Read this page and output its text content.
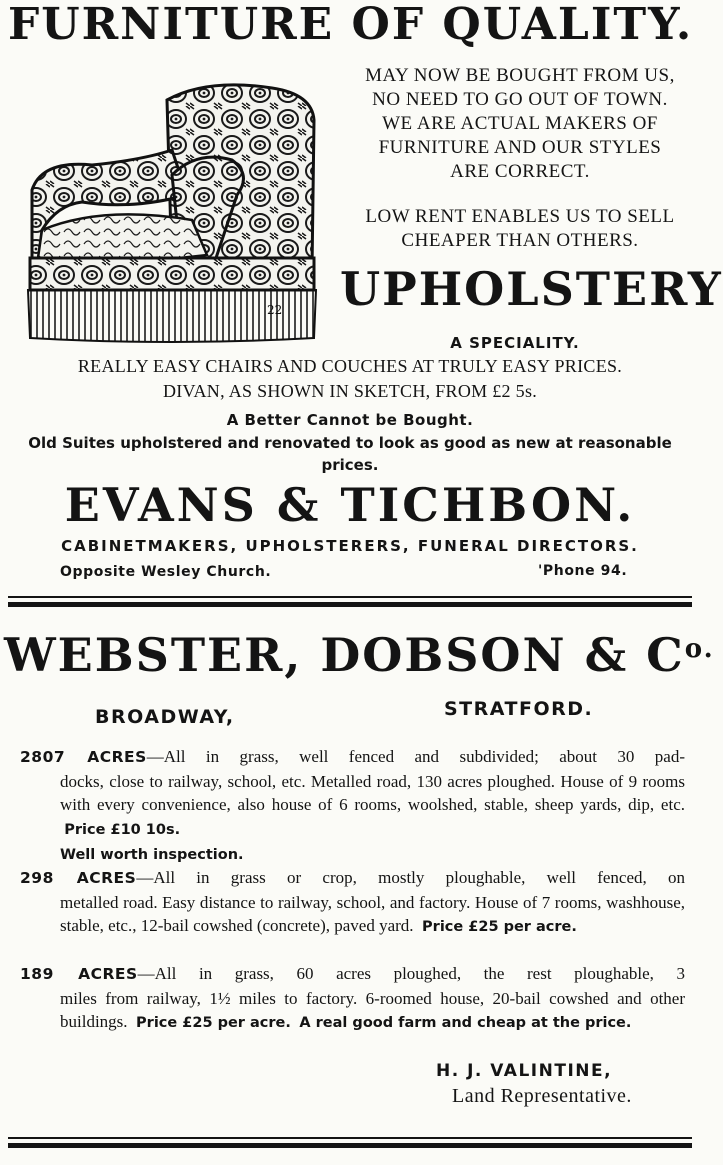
FURNITURE OF QUALITY.
22
MAY NOW BE BOUGHT FROM US,
NO NEED TO GO OUT OF TOWN.
WE ARE ACTUAL MAKERS OF
FURNITURE AND OUR STYLES
ARE CORRECT.
LOW RENT ENABLES US TO SELL
CHEAPER THAN OTHERS.
UPHOLSTERY
A SPECIALITY.
REALLY EASY CHAIRS AND COUCHES AT TRULY EASY PRICES.
DIVAN, AS SHOWN IN SKETCH, FROM £2 5s.
A Better Cannot be Bought.
Old Suites upholstered and renovated to look as good as new at reasonable prices.
EVANS & TICHBON.
CABINETMAKERS, UPHOLSTERERS, FUNERAL DIRECTORS.
Opposite Wesley Church.	'Phone 94.
WEBSTER, DOBSON & $C^{o.}$
BROADWAY,	STRATFORD.
2807 ACRES—All in grass, well fenced and subdivided; about 30 pad-
docks, close to railway, school, etc. Metalled road, 130 acres ploughed. House of 9 rooms with every convenience, also house of 6 rooms, woolshed, stable, sheep yards, dip, etc.  Price £10 10s.
Well worth inspection.
298 ACRES—All in grass or crop, mostly ploughable, well fenced, on
metalled road. Easy distance to railway, school, and factory. House of 7 rooms, washhouse, stable, etc., 12-bail cowshed (concrete), paved yard. Price £25 per acre.
189 ACRES—All in grass, 60 acres ploughed, the rest ploughable, 3
miles from railway, 1½ miles to factory. 6-roomed house, 20-bail cowshed and other buildings. Price £25 per acre. A real good farm and cheap at the price.
H. J. VALINTINE,
Land Representative.
